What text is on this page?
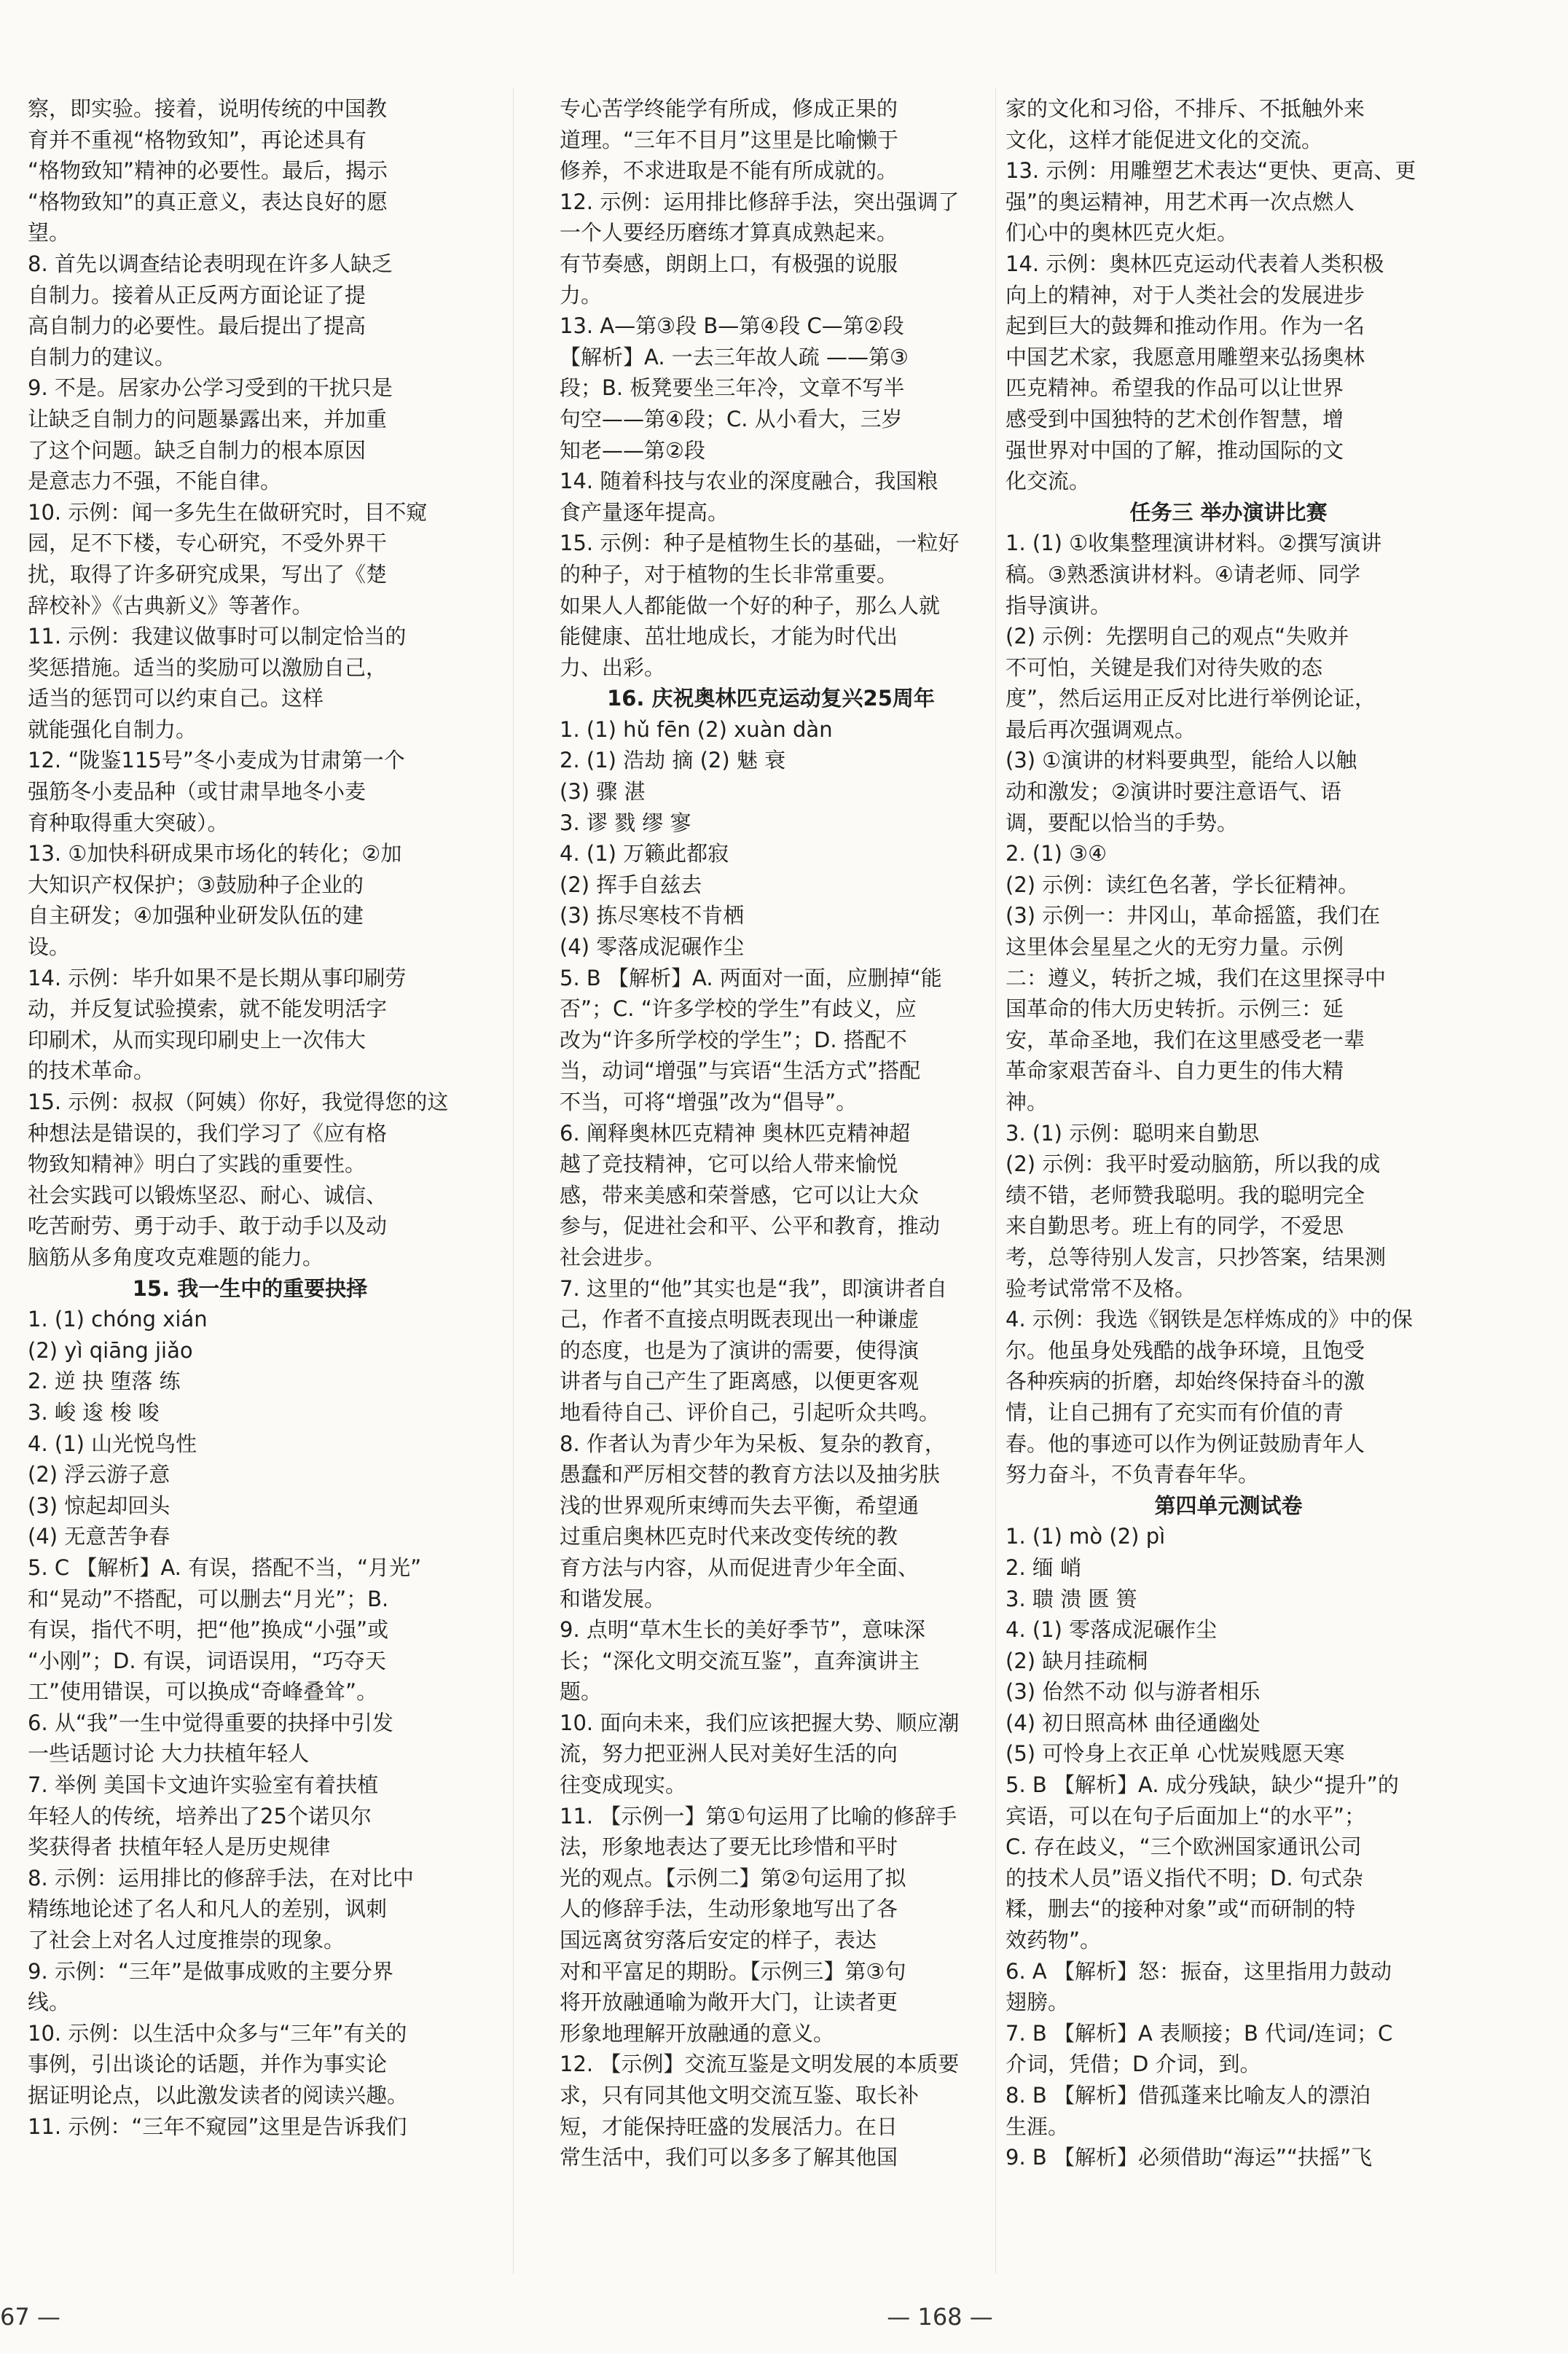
察，即实验。接着，说明传统的中国教
育并不重视“格物致知”，再论述具有
“格物致知”精神的必要性。最后，揭示
“格物致知”的真正意义，表达良好的愿
望。
8. 首先以调查结论表明现在许多人缺乏
自制力。接着从正反两方面论证了提
高自制力的必要性。最后提出了提高
自制力的建议。
9. 不是。居家办公学习受到的干扰只是
让缺乏自制力的问题暴露出来，并加重
了这个问题。缺乏自制力的根本原因
是意志力不强，不能自律。
10. 示例：闻一多先生在做研究时，目不窥
园，足不下楼，专心研究，不受外界干
扰，取得了许多研究成果，写出了《楚
辞校补》《古典新义》等著作。
11. 示例：我建议做事时可以制定恰当的
奖惩措施。适当的奖励可以激励自己，
适当的惩罚可以约束自己。这样
就能强化自制力。
12. “陇鉴115号”冬小麦成为甘肃第一个
强筋冬小麦品种（或甘肃旱地冬小麦
育种取得重大突破）。
13. ①加快科研成果市场化的转化；②加
大知识产权保护；③鼓励种子企业的
自主研发；④加强种业研发队伍的建
设。
14. 示例：毕升如果不是长期从事印刷劳
动，并反复试验摸索，就不能发明活字
印刷术，从而实现印刷史上一次伟大
的技术革命。
15. 示例：叔叔（阿姨）你好，我觉得您的这
种想法是错误的，我们学习了《应有格
物致知精神》明白了实践的重要性。
社会实践可以锻炼坚忍、耐心、诚信、
吃苦耐劳、勇于动手、敢于动手以及动
脑筋从多角度攻克难题的能力。
15. 我一生中的重要抉择
1. (1) chóng xián
(2) yì qiāng jiǎo
2. 逆 抉 堕落 练
3. 峻 逡 梭 唆
4. (1) 山光悦鸟性
(2) 浮云游子意
(3) 惊起却回头
(4) 无意苦争春
5. C 【解析】A. 有误，搭配不当，“月光”
和“晃动”不搭配，可以删去“月光”；B.
有误，指代不明，把“他”换成“小强”或
“小刚”；D. 有误，词语误用，“巧夺天
工”使用错误，可以换成“奇峰叠耸”。
6. 从“我”一生中觉得重要的抉择中引发
一些话题讨论 大力扶植年轻人
7. 举例 美国卡文迪许实验室有着扶植
年轻人的传统，培养出了25个诺贝尔
奖获得者 扶植年轻人是历史规律
8. 示例：运用排比的修辞手法，在对比中
精练地论述了名人和凡人的差别，讽刺
了社会上对名人过度推崇的现象。
9. 示例：“三年”是做事成败的主要分界
线。
10. 示例：以生活中众多与“三年”有关的
事例，引出谈论的话题，并作为事实论
据证明论点，以此激发读者的阅读兴趣。
11. 示例：“三年不窥园”这里是告诉我们
专心苦学终能学有所成，修成正果的
道理。“三年不目月”这里是比喻懒于
修养，不求进取是不能有所成就的。
12. 示例：运用排比修辞手法，突出强调了
一个人要经历磨练才算真成熟起来。
有节奏感，朗朗上口，有极强的说服
力。
13. A—第③段 B—第④段 C—第②段
【解析】A. 一去三年故人疏 ——第③
段；B. 板凳要坐三年冷，文章不写半
句空——第④段；C. 从小看大，三岁
知老——第②段
14. 随着科技与农业的深度融合，我国粮
食产量逐年提高。
15. 示例：种子是植物生长的基础，一粒好
的种子，对于植物的生长非常重要。
如果人人都能做一个好的种子，那么人就
能健康、茁壮地成长，才能为时代出
力、出彩。
16. 庆祝奥林匹克运动复兴25周年
1. (1) hǔ fēn (2) xuàn dàn
2. (1) 浩劫 摘 (2) 魅 衰
(3) 骤 湛
3. 谬 戮 缪 寥
4. (1) 万籁此都寂
(2) 挥手自兹去
(3) 拣尽寒枝不肯栖
(4) 零落成泥碾作尘
5. B 【解析】A. 两面对一面，应删掉“能
否”；C. “许多学校的学生”有歧义，应
改为“许多所学校的学生”；D. 搭配不
当，动词“增强”与宾语“生活方式”搭配
不当，可将“增强”改为“倡导”。
6. 阐释奥林匹克精神 奥林匹克精神超
越了竞技精神，它可以给人带来愉悦
感，带来美感和荣誉感，它可以让大众
参与，促进社会和平、公平和教育，推动
社会进步。
7. 这里的“他”其实也是“我”，即演讲者自
己，作者不直接点明既表现出一种谦虚
的态度，也是为了演讲的需要，使得演
讲者与自己产生了距离感，以便更客观
地看待自己、评价自己，引起听众共鸣。
8. 作者认为青少年为呆板、复杂的教育，
愚蠢和严厉相交替的教育方法以及抽劣肤
浅的世界观所束缚而失去平衡，希望通
过重启奥林匹克时代来改变传统的教
育方法与内容，从而促进青少年全面、
和谐发展。
9. 点明“草木生长的美好季节”，意味深
长；“深化文明交流互鉴”，直奔演讲主
题。
10. 面向未来，我们应该把握大势、顺应潮
流，努力把亚洲人民对美好生活的向
往变成现实。
11. 【示例一】第①句运用了比喻的修辞手
法，形象地表达了要无比珍惜和平时
光的观点。【示例二】第②句运用了拟
人的修辞手法，生动形象地写出了各
国远离贫穷落后安定的样子，表达
对和平富足的期盼。【示例三】第③句
将开放融通喻为敞开大门，让读者更
形象地理解开放融通的意义。
12. 【示例】交流互鉴是文明发展的本质要
求，只有同其他文明交流互鉴、取长补
短，才能保持旺盛的发展活力。在日
常生活中，我们可以多多了解其他国
家的文化和习俗，不排斥、不抵触外来
文化，这样才能促进文化的交流。
13. 示例：用雕塑艺术表达“更快、更高、更
强”的奥运精神，用艺术再一次点燃人
们心中的奥林匹克火炬。
14. 示例：奥林匹克运动代表着人类积极
向上的精神，对于人类社会的发展进步
起到巨大的鼓舞和推动作用。作为一名
中国艺术家，我愿意用雕塑来弘扬奥林
匹克精神。希望我的作品可以让世界
感受到中国独特的艺术创作智慧，增
强世界对中国的了解，推动国际的文
化交流。
任务三 举办演讲比赛
1. (1) ①收集整理演讲材料。②撰写演讲
稿。③熟悉演讲材料。④请老师、同学
指导演讲。
(2) 示例：先摆明自己的观点“失败并
不可怕，关键是我们对待失败的态
度”，然后运用正反对比进行举例论证，
最后再次强调观点。
(3) ①演讲的材料要典型，能给人以触
动和激发；②演讲时要注意语气、语
调，要配以恰当的手势。
2. (1) ③④
(2) 示例：读红色名著，学长征精神。
(3) 示例一：井冈山，革命摇篮，我们在
这里体会星星之火的无穷力量。示例
二：遵义，转折之城，我们在这里探寻中
国革命的伟大历史转折。示例三：延
安，革命圣地，我们在这里感受老一辈
革命家艰苦奋斗、自力更生的伟大精
神。
3. (1) 示例：聪明来自勤思
(2) 示例：我平时爱动脑筋，所以我的成
绩不错，老师赞我聪明。我的聪明完全
来自勤思考。班上有的同学，不爱思
考，总等待别人发言，只抄答案，结果测
验考试常常不及格。
4. 示例：我选《钢铁是怎样炼成的》中的保
尔。他虽身处残酷的战争环境，且饱受
各种疾病的折磨，却始终保持奋斗的激
情，让自己拥有了充实而有价值的青
春。他的事迹可以作为例证鼓励青年人
努力奋斗，不负青春年华。
第四单元测试卷
1. (1) mò (2) pì
2. 缅 峭
3. 聩 溃 匮 篑
4. (1) 零落成泥碾作尘
(2) 缺月挂疏桐
(3) 佁然不动 似与游者相乐
(4) 初日照高林 曲径通幽处
(5) 可怜身上衣正单 心忧炭贱愿天寒
5. B 【解析】A. 成分残缺，缺少“提升”的
宾语，可以在句子后面加上“的水平”；
C. 存在歧义，“三个欧洲国家通讯公司
的技术人员”语义指代不明；D. 句式杂
糅，删去“的接种对象”或“而研制的特
效药物”。
6. A 【解析】怒：振奋，这里指用力鼓动
翅膀。
7. B 【解析】A 表顺接；B 代词/连词；C
介词，凭借；D 介词，到。
8. B 【解析】借孤蓬来比喻友人的漂泊
生涯。
9. B 【解析】必须借助“海运”“扶摇”飞
67 —	— 168 —
